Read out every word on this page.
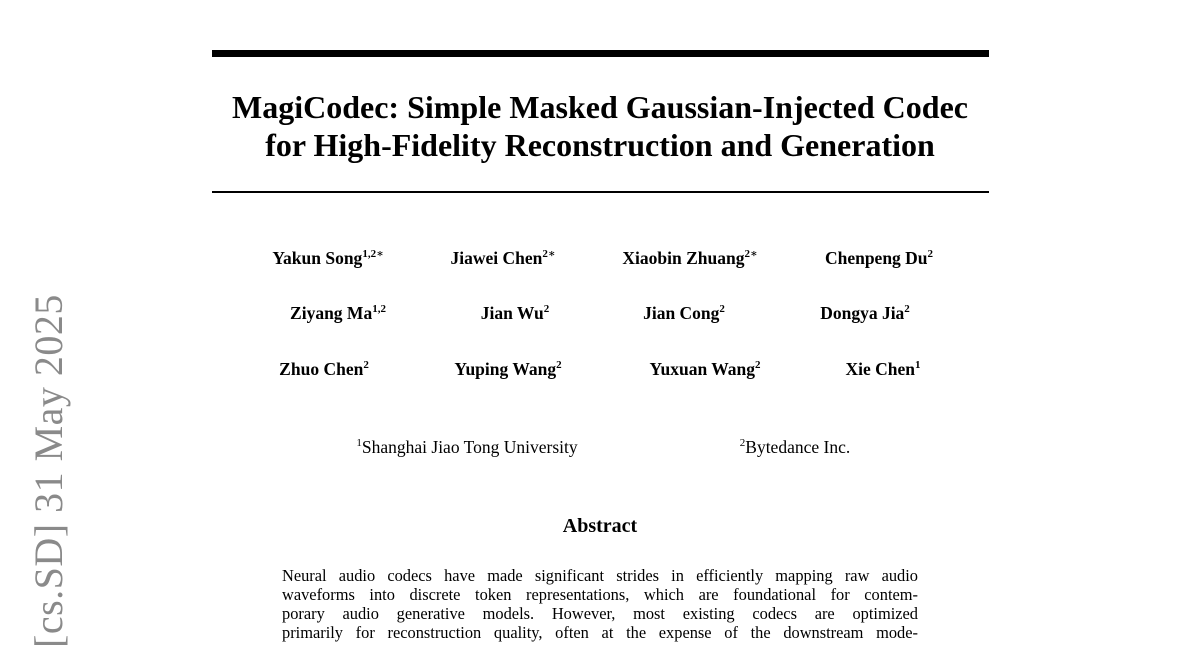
[cs.SD] 31 May 2025
MagiCodec: Simple Masked Gaussian-Injected Codec
for High-Fidelity Reconstruction and Generation
Yakun Song$^{1,2∗}$	Jiawei Chen$^{2∗}$	Xiaobin Zhuang$^{2∗}$	Chenpeng Du$^2$
Ziyang Ma$^{1,2}$	Jian Wu$^2$	Jian Cong$^2$	Dongya Jia$^2$
Zhuo Chen$^2$	Yuping Wang$^2$	Yuxuan Wang$^2$	Xie Chen$^1$
$^1$Shanghai Jiao Tong University	$^2$Bytedance Inc.
Abstract
Neural audio codecs have made significant strides in efficiently mapping raw audio
waveforms into discrete token representations, which are foundational for contem-
porary audio generative models. However, most existing codecs are optimized
primarily for reconstruction quality, often at the expense of the downstream mode-
